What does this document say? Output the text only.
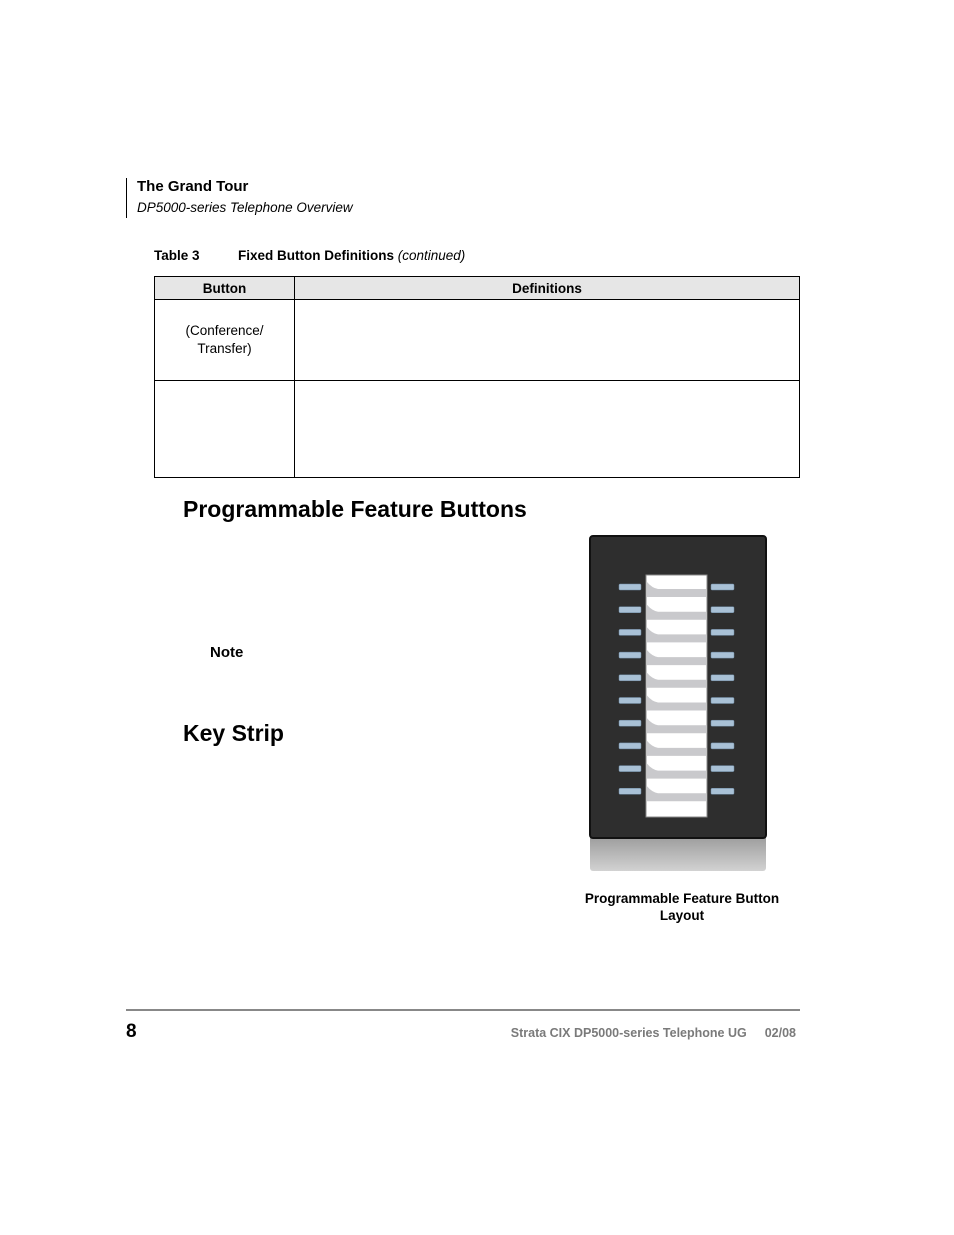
The Grand Tour
DP5000-series Telephone Overview
Table 3	Fixed Button Definitions (continued)
Button	Definitions

(Conference/
Transfer)	

Programmable Feature Buttons
Note
Key Strip
Programmable Feature Button
Layout
8	Strata CIX DP5000-series Telephone UG 02/08
